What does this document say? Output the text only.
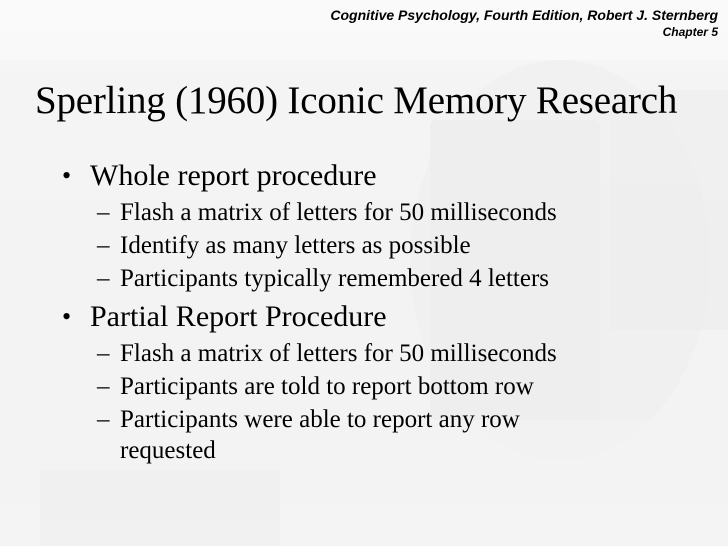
Cognitive Psychology, Fourth Edition, Robert J. Sternberg
Chapter 5
Sperling (1960) Iconic Memory Research
• Whole report procedure
– Flash a matrix of letters for 50 milliseconds
– Identify as many letters as possible
– Participants typically remembered 4 letters
• Partial Report Procedure
– Flash a matrix of letters for 50 milliseconds
– Participants are told to report bottom row
– Participants were able to report any row
requested
